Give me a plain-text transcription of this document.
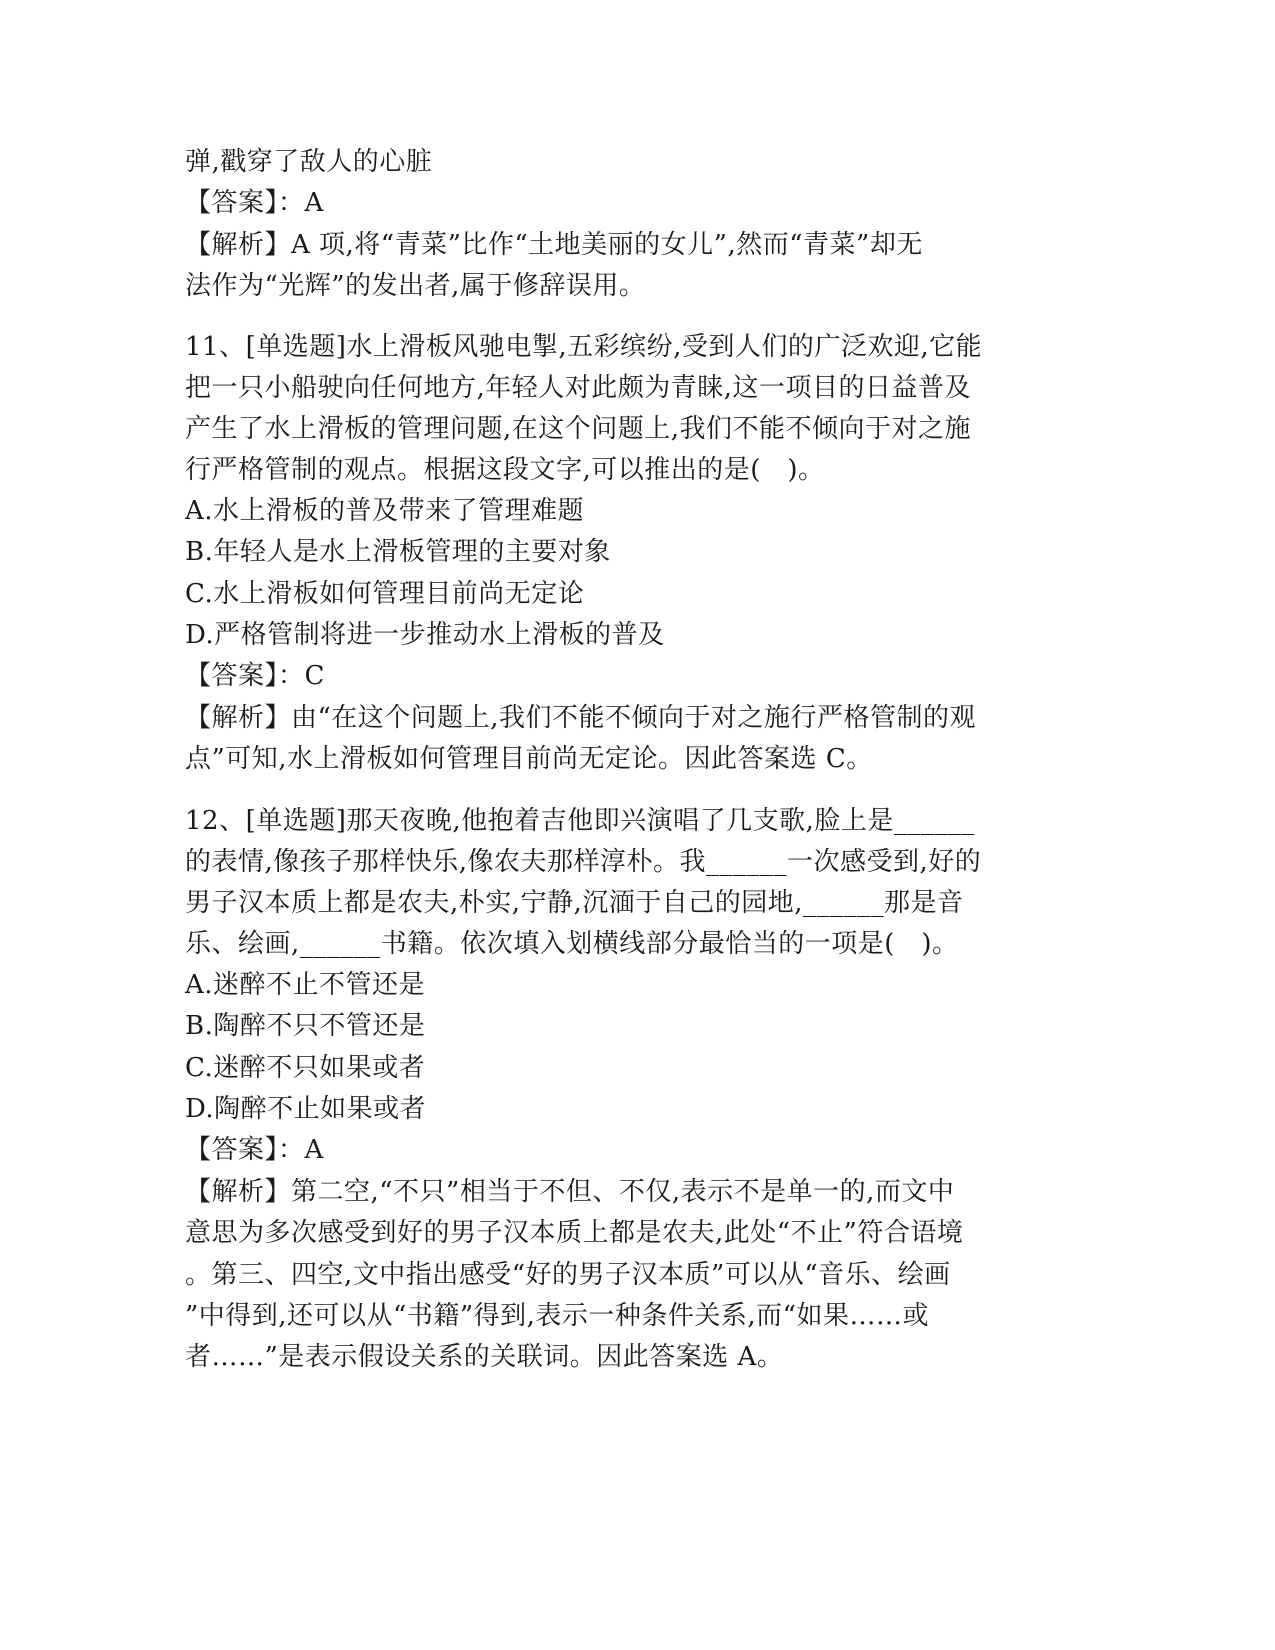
弹,戳穿了敌人的心脏
【答案】：A
【解析】A 项,将“青菜”比作“土地美丽的女儿”,然而“青菜”却无
法作为“光辉”的发出者,属于修辞误用。
11、[单选题]水上滑板风驰电掣,五彩缤纷,受到人们的广泛欢迎,它能
把一只小船驶向任何地方,年轻人对此颇为青睐,这一项目的日益普及
产生了水上滑板的管理问题,在这个问题上,我们不能不倾向于对之施
行严格管制的观点。根据这段文字,可以推出的是(　)。
A.水上滑板的普及带来了管理难题
B.年轻人是水上滑板管理的主要对象
C.水上滑板如何管理目前尚无定论
D.严格管制将进一步推动水上滑板的普及
【答案】：C
【解析】由“在这个问题上,我们不能不倾向于对之施行严格管制的观
点”可知,水上滑板如何管理目前尚无定论。因此答案选 C。
12、[单选题]那天夜晚,他抱着吉他即兴演唱了几支歌,脸上是______
的表情,像孩子那样快乐,像农夫那样淳朴。我______一次感受到,好的
男子汉本质上都是农夫,朴实,宁静,沉湎于自己的园地,______那是音
乐、绘画,______书籍。依次填入划横线部分最恰当的一项是(　)。
A.迷醉不止不管还是
B.陶醉不只不管还是
C.迷醉不只如果或者
D.陶醉不止如果或者
【答案】：A
【解析】第二空,“不只”相当于不但、不仅,表示不是单一的,而文中
意思为多次感受到好的男子汉本质上都是农夫,此处“不止”符合语境
。第三、四空,文中指出感受“好的男子汉本质”可以从“音乐、绘画
”中得到,还可以从“书籍”得到,表示一种条件关系,而“如果……或
者……”是表示假设关系的关联词。因此答案选 A。
